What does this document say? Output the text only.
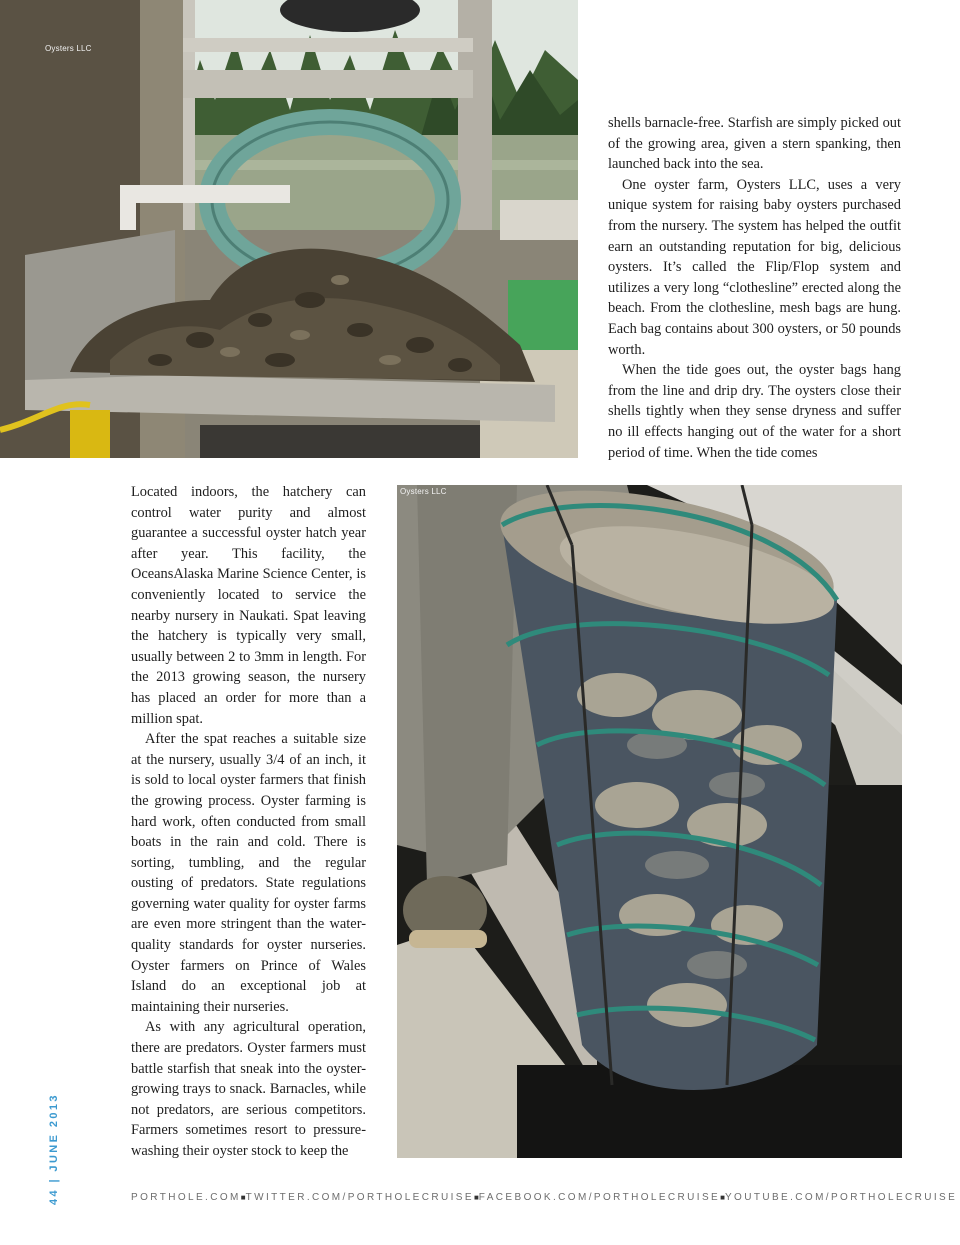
Oysters LLC

shells barnacle-free. Starfish are simply picked out of the growing area, given a stern spanking, then launched back into the sea.

One oyster farm, Oysters LLC, uses a very unique system for raising baby oysters purchased from the nursery. The system has helped the outfit earn an outstanding reputation for big, delicious oysters. It’s called the Flip/Flop system and utilizes a very long “clothesline” erected along the beach. From the clothesline, mesh bags are hung. Each bag contains about 300 oysters, or 50 pounds worth.

When the tide goes out, the oyster bags hang from the line and drip dry. The oysters close their shells tightly when they sense dryness and suffer no ill effects hanging out of the water for a short period of time. When the tide comes

Located indoors, the hatchery can control water purity and almost guarantee a successful oyster hatch year after year. This facility, the OceansAlaska Marine Science Center, is conveniently located to service the nearby nursery in Naukati. Spat leaving the hatchery is typically very small, usually between 2 to 3mm in length. For the 2013 growing season, the nursery has placed an order for more than a million spat.

After the spat reaches a suitable size at the nursery, usually 3/4 of an inch, it is sold to local oyster farmers that finish the growing process. Oyster farming is hard work, often conducted from small boats in the rain and cold. There is sorting, tumbling, and the regular ousting of predators. State regulations governing water quality for oyster farms are even more stringent than the water-quality standards for oyster nurseries. Oyster farmers on Prince of Wales Island do an exceptional job at maintaining their nurseries.

As with any agricultural operation, there are predators. Oyster farmers must battle starfish that sneak into the oyster-growing trays to snack. Barnacles, while not predators, are serious competitors. Farmers sometimes resort to pressure-washing their oyster stock to keep the

Oysters LLC
44 | JUNE 2013	PORTHOLE.COM ■ TWITTER.COM/PORTHOLECRUISE ■ FACEBOOK.COM/PORTHOLECRUISE ■ YOUTUBE.COM/PORTHOLECRUISE
